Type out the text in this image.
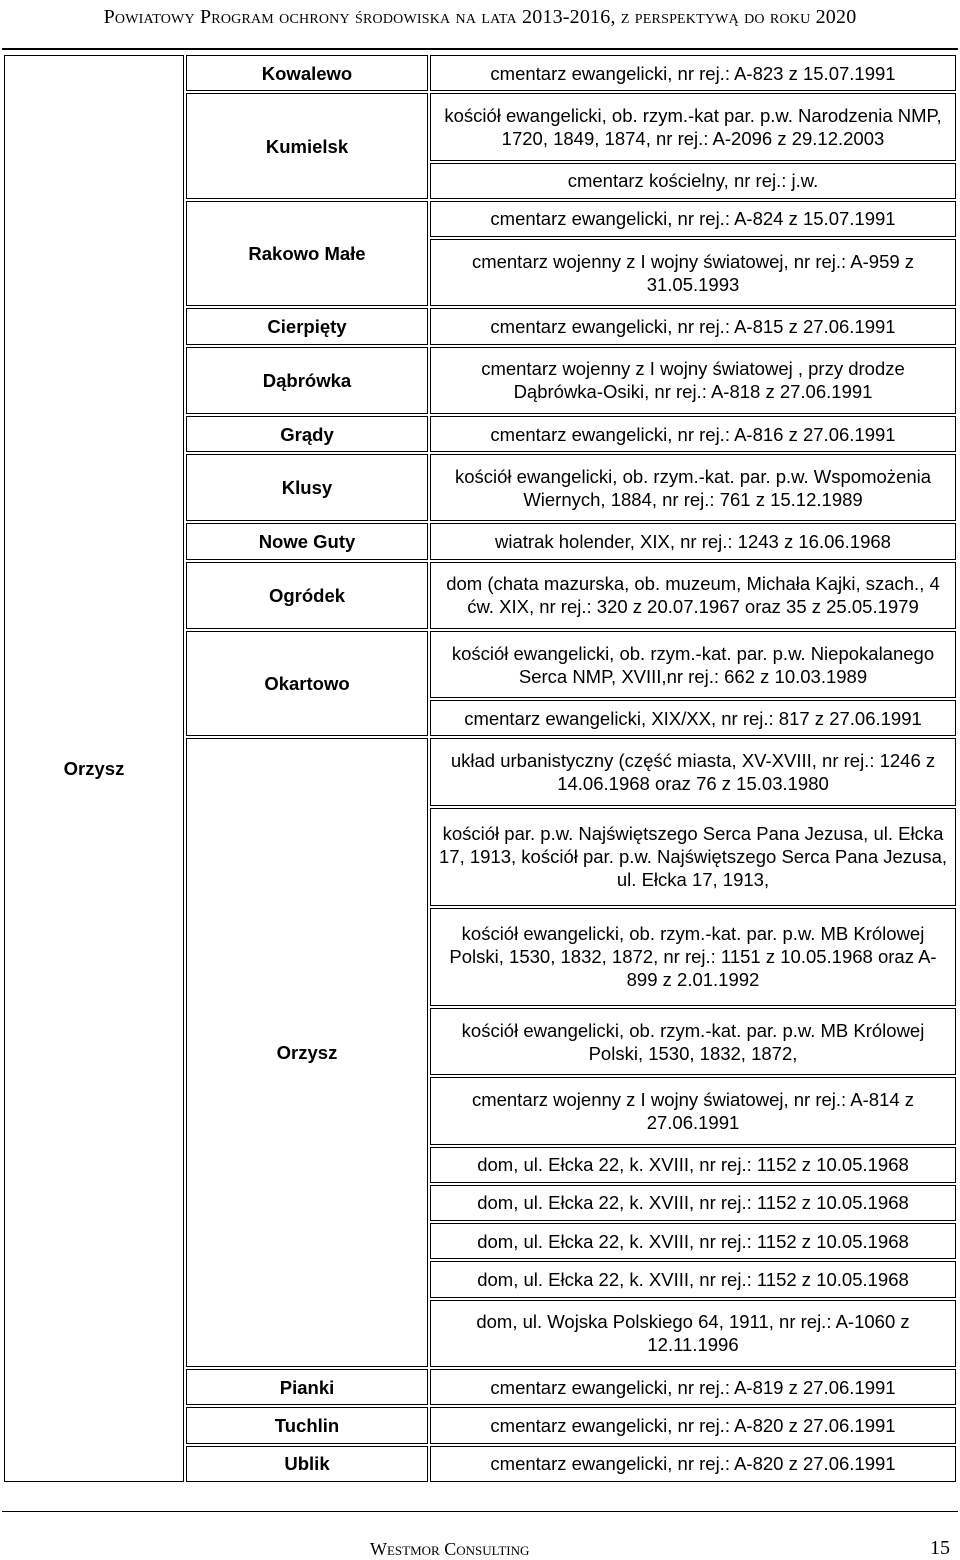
Powiatowy Program ochrony środowiska na lata 2013-2016, z perspektywą do roku 2020
Orzysz	Kowalewo	cmentarz ewangelicki, nr rej.: A-823 z 15.07.1991
	Kumielsk	kościół ewangelicki, ob. rzym.-kat par. p.w. Narodzenia NMP, 1720, 1849, 1874, nr rej.: A-2096 z 29.12.2003
		cmentarz kościelny, nr rej.: j.w.
	Rakowo Małe	cmentarz ewangelicki, nr rej.: A-824 z 15.07.1991
		cmentarz wojenny z I wojny światowej, nr rej.: A-959 z 31.05.1993
	Cierpięty	cmentarz ewangelicki, nr rej.: A-815 z 27.06.1991
	Dąbrówka	cmentarz wojenny z I wojny światowej , przy drodze Dąbrówka-Osiki, nr rej.: A-818 z 27.06.1991
	Grądy	cmentarz ewangelicki, nr rej.: A-816 z 27.06.1991
	Klusy	kościół ewangelicki, ob. rzym.-kat. par. p.w. Wspomożenia Wiernych, 1884, nr rej.: 761 z 15.12.1989
	Nowe Guty	wiatrak holender, XIX, nr rej.: 1243 z 16.06.1968
	Ogródek	dom (chata mazurska, ob. muzeum, Michała Kajki, szach., 4 ćw. XIX, nr rej.: 320 z 20.07.1967 oraz 35 z 25.05.1979
	Okartowo	kościół ewangelicki, ob. rzym.-kat. par. p.w. Niepokalanego Serca NMP, XVIII,nr rej.: 662 z 10.03.1989
		cmentarz ewangelicki, XIX/XX, nr rej.: 817 z 27.06.1991
	Orzysz	układ urbanistyczny (część miasta, XV-XVIII, nr rej.: 1246 z 14.06.1968 oraz 76 z 15.03.1980
		kościół par. p.w. Najświętszego Serca Pana Jezusa, ul. Ełcka 17, 1913, kościół par. p.w. Najświętszego Serca Pana Jezusa, ul. Ełcka 17, 1913,
		kościół ewangelicki, ob. rzym.-kat. par. p.w. MB Królowej Polski, 1530, 1832, 1872, nr rej.: 1151 z 10.05.1968 oraz A-899 z 2.01.1992
		kościół ewangelicki, ob. rzym.-kat. par. p.w. MB Królowej Polski, 1530, 1832, 1872,
		cmentarz wojenny z I wojny światowej, nr rej.: A-814 z 27.06.1991
		dom, ul. Ełcka 22, k. XVIII, nr rej.: 1152 z 10.05.1968
		dom, ul. Ełcka 22, k. XVIII, nr rej.: 1152 z 10.05.1968
		dom, ul. Ełcka 22, k. XVIII, nr rej.: 1152 z 10.05.1968
		dom, ul. Ełcka 22, k. XVIII, nr rej.: 1152 z 10.05.1968
		dom, ul. Wojska Polskiego 64, 1911, nr rej.: A-1060 z 12.11.1996
	Pianki	cmentarz ewangelicki, nr rej.: A-819 z 27.06.1991
	Tuchlin	cmentarz ewangelicki, nr rej.: A-820 z 27.06.1991
	Ublik	cmentarz ewangelicki, nr rej.: A-820 z 27.06.1991
Westmor Consulting	15
